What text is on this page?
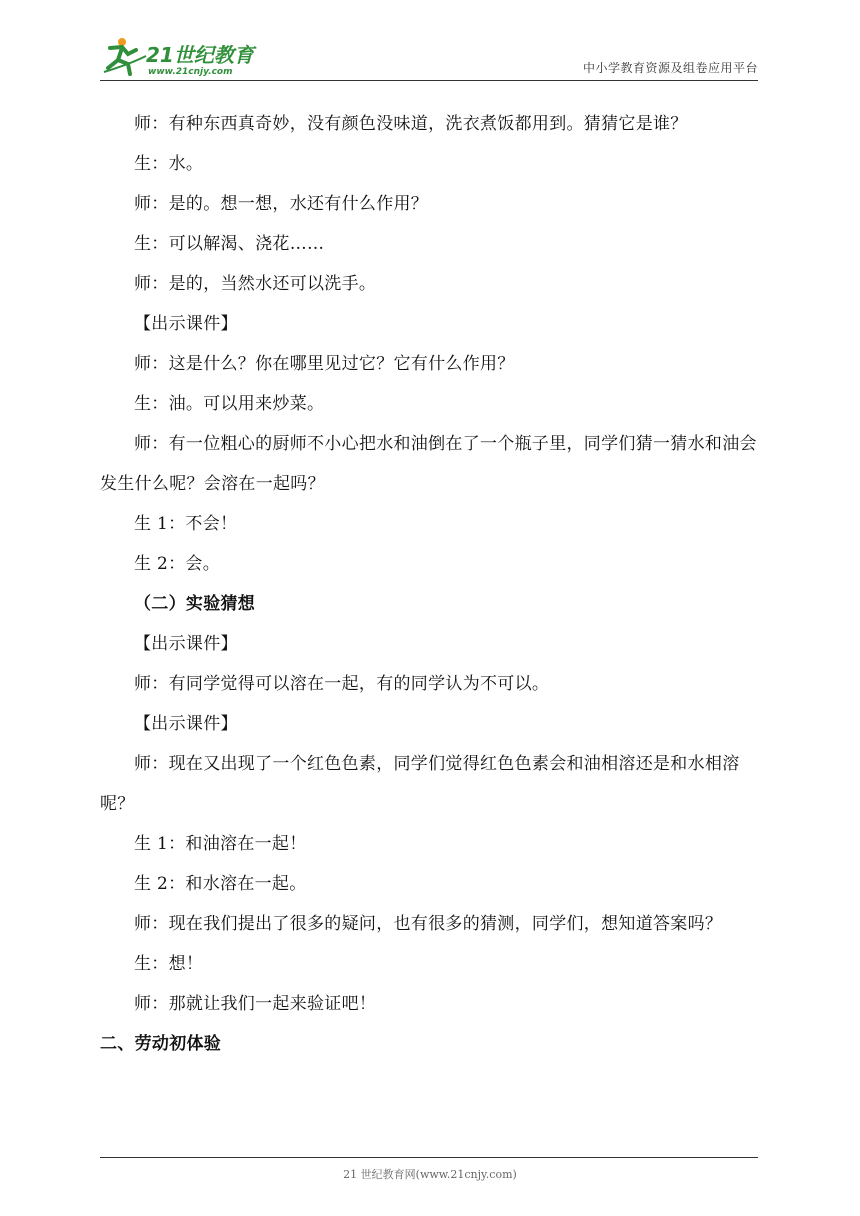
21世纪教育
www.21cnjy.com	中小学教育资源及组卷应用平台

师：有种东西真奇妙，没有颜色没味道，洗衣煮饭都用到。猜猜它是谁？

生：水。

师：是的。想一想，水还有什么作用？

生：可以解渴、浇花……

师：是的，当然水还可以洗手。

【出示课件】

师：这是什么？你在哪里见过它？它有什么作用？

生：油。可以用来炒菜。

师：有一位粗心的厨师不小心把水和油倒在了一个瓶子里，同学们猜一猜水和油会发生什么呢？会溶在一起吗？

生 1：不会！

生 2：会。

（二）实验猜想

【出示课件】

师：有同学觉得可以溶在一起，有的同学认为不可以。

【出示课件】

师：现在又出现了一个红色色素，同学们觉得红色色素会和油相溶还是和水相溶呢？

生 1：和油溶在一起！

生 2：和水溶在一起。

师：现在我们提出了很多的疑问，也有很多的猜测，同学们，想知道答案吗？

生：想！

师：那就让我们一起来验证吧！

二、劳动初体验

21 世纪教育网(www.21cnjy.com)
